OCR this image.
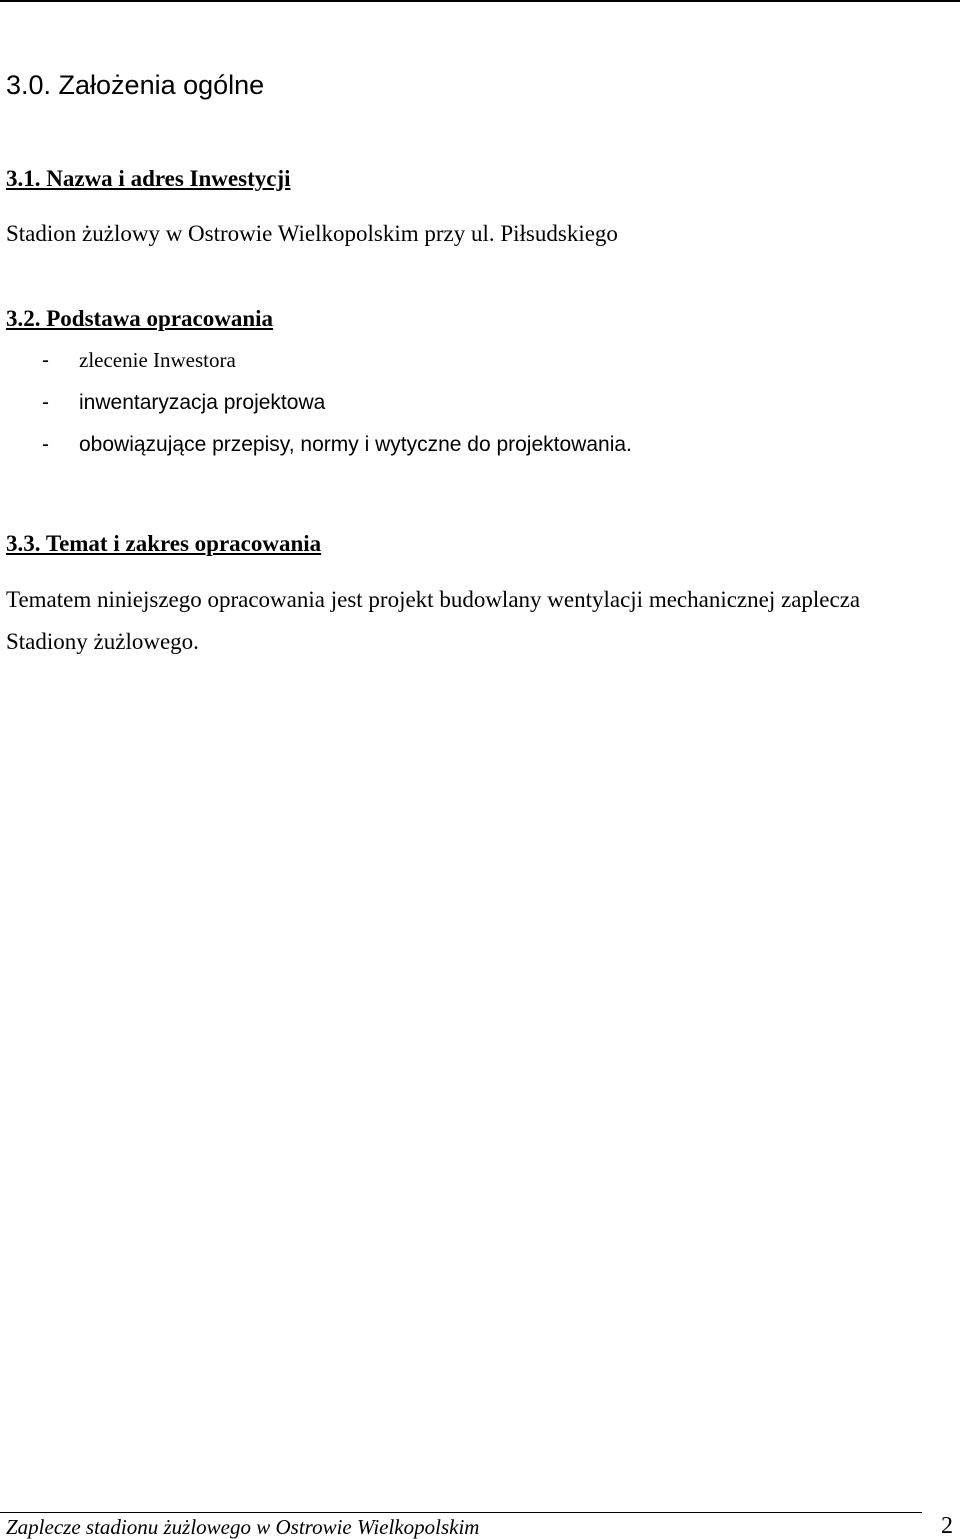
3.0. Założenia ogólne
3.1. Nazwa i adres Inwestycji
Stadion żużlowy w Ostrowie Wielkopolskim przy ul. Piłsudskiego
3.2. Podstawa opracowania
- zlecenie Inwestora
- inwentaryzacja projektowa
- obowiązujące przepisy, normy i wytyczne do projektowania.
3.3. Temat i zakres opracowania
Tematem niniejszego opracowania jest projekt budowlany wentylacji mechanicznej zaplecza
Stadiony żużlowego.
Zaplecze stadionu żużlowego w Ostrowie Wielkopolskim	2
